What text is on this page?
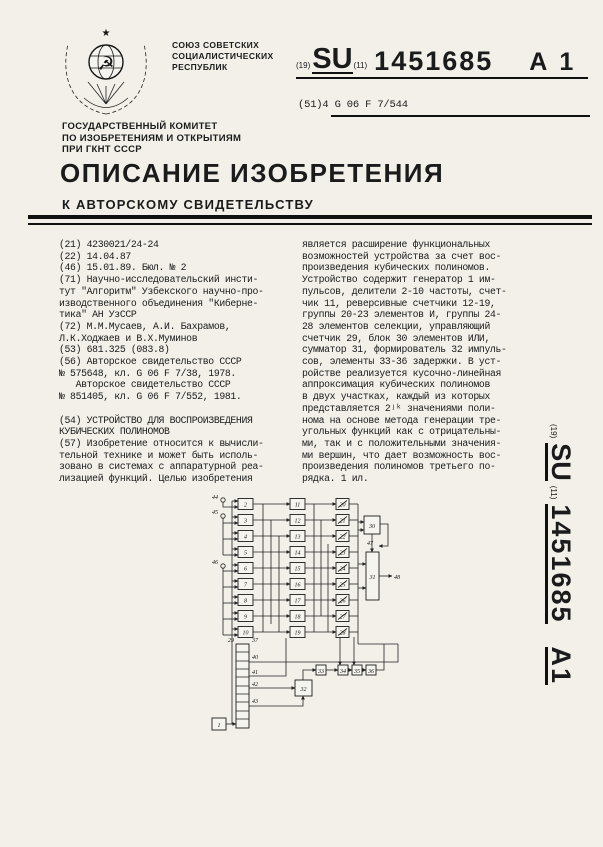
★
☭
СОЮЗ СОВЕТСКИХ
СОЦИАЛИСТИЧЕСКИХ
РЕСПУБЛИК	(19) SU (11) 1451685 A 1
(51)4 G 06 F 7/544
ГОСУДАРСТВЕННЫЙ КОМИТЕТ
ПО ИЗОБРЕТЕНИЯМ И ОТКРЫТИЯМ
ПРИ ГКНТ СССР
ОПИСАНИЕ ИЗОБРЕТЕНИЯ
К АВТОРСКОМУ СВИДЕТЕЛЬСТВУ
(21) 4230021/24-24
(22) 14.04.87
(46) 15.01.89. Бюл. № 2
(71) Научно-исследовательский инсти-
тут "Алгоритм" Узбекского научно-про-
изводственного объединения "Киберне-
тика" АН УзССР
(72) М.М.Мусаев, А.И. Бахрамов,
Л.К.Ходжаев и В.Х.Муминов
(53) 681.325 (083.8)
(56) Авторское свидетельство СССР
№ 575648, кл. G 06 F 7/38, 1978.
Авторское свидетельство СССР
№ 851405, кл. G 06 F 7/552, 1981.

(54) УСТРОЙСТВО ДЛЯ ВОСПРОИЗВЕДЕНИЯ
КУБИЧЕСКИХ ПОЛИНОМОВ
(57) Изобретение относится к вычисли-
тельной технике и может быть исполь-
зовано в системах с аппаратурной реа-
лизацией функций. Целью изобретения
является расширение функциональных
возможностей устройства за счет вос-
произведения кубических полиномов.
Устройство содержит генератор 1 им-
пульсов, делители 2-10 частоты, счет-
чик 11, реверсивные счетчики 12-19,
группы 20-23 элементов И, группы 24-
28 элементов селекции, управляющий
счетчик 29, блок 30 элементов ИЛИ,
сумматор 31, формирователь 32 импуль-
сов, элементы 33-36 задержки. В уст-
ройстве реализуется кусочно-линейная
аппроксимация кубических полиномов
в двух участках, каждый из которых
представляется 2ʲᵏ значениями поли-
нома на основе метода генерации тре-
угольных функций как с отрицательны-
ми, так и с положительными значения-
ми вершин, что дает возможность вос-
произведения полиномов третьего по-
рядка. 1 ил.
(19)
SU
(11)
1451685
A1
2
3
4
5
6
7
8
9
10
11
12
13
14
15
16
17
18
19
20
21
22
23
24
25
26
27
28
30
31
29	37
1
32
33	34 35 36
44
45
46
40
41
42
43
47
48
